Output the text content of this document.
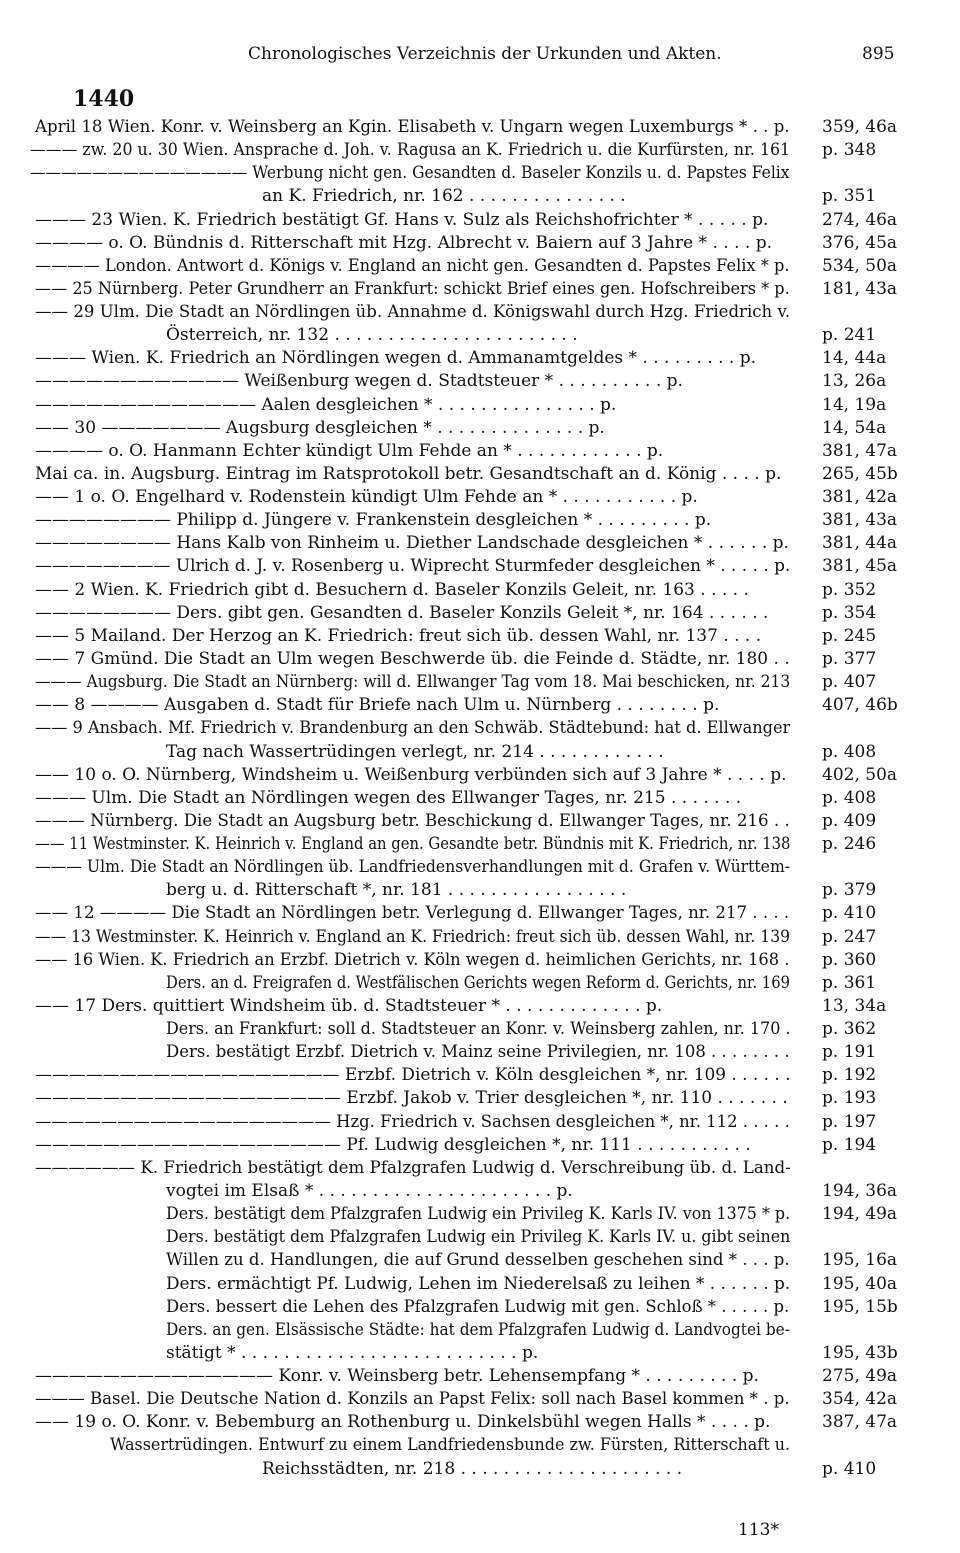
Chronologisches Verzeichnis der Urkunden und Akten.	895
1440
April 18 Wien. Konr. v. Weinsberg an Kgin. Elisabeth v. Ungarn wegen Luxemburgs * . . p. 359, 46a
——— zw. 20 u. 30 Wien. Ansprache d. Joh. v. Ragusa an K. Friedrich u. die Kurfürsten, nr. 161 p. 348
—————————————— Werbung nicht gen. Gesandten d. Baseler Konzils u. d. Papstes Felix
an K. Friedrich, nr. 162 . . . . . . . . . . . . . . .	p. 351
——— 23 Wien. K. Friedrich bestätigt Gf. Hans v. Sulz als Reichshofrichter * . . . . . p.	274, 46a
———— o. O. Bündnis d. Ritterschaft mit Hzg. Albrecht v. Baiern auf 3 Jahre * . . . . p.	376, 45a
———— London. Antwort d. Königs v. England an nicht gen. Gesandten d. Papstes Felix * p. 534, 50a
—— 25 Nürnberg. Peter Grundherr an Frankfurt: schickt Brief eines gen. Hofschreibers * p. 181, 43a
—— 29 Ulm. Die Stadt an Nördlingen üb. Annahme d. Königswahl durch Hzg. Friedrich v.
Österreich, nr. 132 . . . . . . . . . . . . . . . . . . . . . . .	p. 241
——— Wien. K. Friedrich an Nördlingen wegen d. Ammanamtgeldes * . . . . . . . . . p.	14, 44a
———————————— Weißenburg wegen d. Stadtsteuer * . . . . . . . . . . p.	13, 26a
————————————— Aalen desgleichen * . . . . . . . . . . . . . . . p.	14, 19a
—— 30 ——————— Augsburg desgleichen * . . . . . . . . . . . . . . p.	14, 54a
———— o. O. Hanmann Echter kündigt Ulm Fehde an * . . . . . . . . . . . . p.	381, 47a
Mai ca. in. Augsburg. Eintrag im Ratsprotokoll betr. Gesandtschaft an d. König . . . . p. 265, 45b
—— 1 o. O. Engelhard v. Rodenstein kündigt Ulm Fehde an * . . . . . . . . . . . p.	381, 42a
———————— Philipp d. Jüngere v. Frankenstein desgleichen * . . . . . . . . . p.	381, 43a
———————— Hans Kalb von Rinheim u. Diether Landschade desgleichen * . . . . . . p. 381, 44a
———————— Ulrich d. J. v. Rosenberg u. Wiprecht Sturmfeder desgleichen * . . . . . p. 381, 45a
—— 2 Wien. K. Friedrich gibt d. Besuchern d. Baseler Konzils Geleit, nr. 163 . . . . .	p. 352
———————— Ders. gibt gen. Gesandten d. Baseler Konzils Geleit *, nr. 164 . . . . . .	p. 354
—— 5 Mailand. Der Herzog an K. Friedrich: freut sich üb. dessen Wahl, nr. 137 . . . .	p. 245
—— 7 Gmünd. Die Stadt an Ulm wegen Beschwerde üb. die Feinde d. Städte, nr. 180 . . p. 377
——— Augsburg. Die Stadt an Nürnberg: will d. Ellwanger Tag vom 18. Mai beschicken, nr. 213 p. 407
—— 8 ———— Ausgaben d. Stadt für Briefe nach Ulm u. Nürnberg . . . . . . . . p.	407, 46b
—— 9 Ansbach. Mf. Friedrich v. Brandenburg an den Schwäb. Städtebund: hat d. Ellwanger
Tag nach Wassertrüdingen verlegt, nr. 214 . . . . . . . . . . . .	p. 408
—— 10 o. O. Nürnberg, Windsheim u. Weißenburg verbünden sich auf 3 Jahre * . . . . p. 402, 50a
——— Ulm. Die Stadt an Nördlingen wegen des Ellwanger Tages, nr. 215 . . . . . . .	p. 408
——— Nürnberg. Die Stadt an Augsburg betr. Beschickung d. Ellwanger Tages, nr. 216 . . p. 409
—— 11 Westminster. K. Heinrich v. England an gen. Gesandte betr. Bündnis mit K. Friedrich, nr. 138 p. 246
——— Ulm. Die Stadt an Nördlingen üb. Landfriedensverhandlungen mit d. Grafen v. Württem-
berg u. d. Ritterschaft *, nr. 181 . . . . . . . . . . . . . . . . .	p. 379
—— 12 ———— Die Stadt an Nördlingen betr. Verlegung d. Ellwanger Tages, nr. 217 . . . . p. 410
—— 13 Westminster. K. Heinrich v. England an K. Friedrich: freut sich üb. dessen Wahl, nr. 139 p. 247
—— 16 Wien. K. Friedrich an Erzbf. Dietrich v. Köln wegen d. heimlichen Gerichts, nr. 168 . p. 360
Ders. an d. Freigrafen d. Westfälischen Gerichts wegen Reform d. Gerichts, nr. 169 p. 361
—— 17 Ders. quittiert Windsheim üb. d. Stadtsteuer * . . . . . . . . . . . . . p.	13, 34a
Ders. an Frankfurt: soll d. Stadtsteuer an Konr. v. Weinsberg zahlen, nr. 170 . p. 362
Ders. bestätigt Erzbf. Dietrich v. Mainz seine Privilegien, nr. 108 . . . . . . . . p. 191
—————————————————— Erzbf. Dietrich v. Köln desgleichen *, nr. 109 . . . . . . p. 192
—————————————————— Erzbf. Jakob v. Trier desgleichen *, nr. 110 . . . . . . . p. 193
—————————————————— Hzg. Friedrich v. Sachsen desgleichen *, nr. 112 . . . . . p. 197
—————————————————— Pf. Ludwig desgleichen *, nr. 111 . . . . . . . . . . .	p. 194
—————— K. Friedrich bestätigt dem Pfalzgrafen Ludwig d. Verschreibung üb. d. Land-
vogtei im Elsaß * . . . . . . . . . . . . . . . . . . . . . . p.	194, 36a
Ders. bestätigt dem Pfalzgrafen Ludwig ein Privileg K. Karls IV. von 1375 * p. 194, 49a
Ders. bestätigt dem Pfalzgrafen Ludwig ein Privileg K. Karls IV. u. gibt seinen
Willen zu d. Handlungen, die auf Grund desselben geschehen sind * . . . p. 195, 16a
Ders. ermächtigt Pf. Ludwig, Lehen im Niederelsaß zu leihen * . . . . . . p. 195, 40a
Ders. bessert die Lehen des Pfalzgrafen Ludwig mit gen. Schloß * . . . . . p. 195, 15b
Ders. an gen. Elsässische Städte: hat dem Pfalzgrafen Ludwig d. Landvogtei be-
stätigt * . . . . . . . . . . . . . . . . . . . . . . . . . . p.	195, 43b
—————————————— Konr. v. Weinsberg betr. Lehensempfang * . . . . . . . . . p.	275, 49a
——— Basel. Die Deutsche Nation d. Konzils an Papst Felix: soll nach Basel kommen * . p. 354, 42a
—— 19 o. O. Konr. v. Bebemburg an Rothenburg u. Dinkelsbühl wegen Halls * . . . . p.	387, 47a
Wassertrüdingen. Entwurf zu einem Landfriedensbunde zw. Fürsten, Ritterschaft u.
Reichsstädten, nr. 218 . . . . . . . . . . . . . . . . . . . . .	p. 410
113*
